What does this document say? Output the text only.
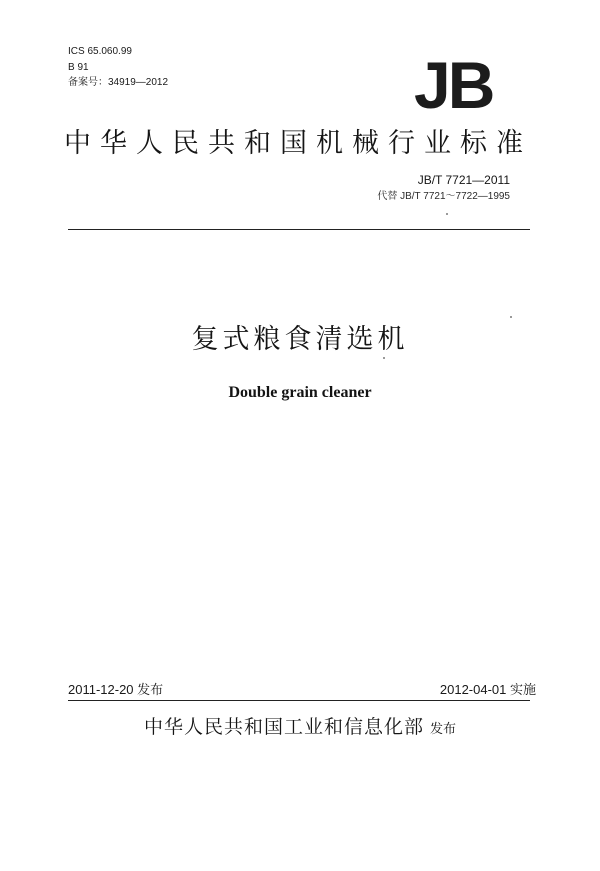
ICS 65.060.99
B 91
备案号：34919—2012	JB
中华人民共和国机械行业标准
JB/T 7721—2011
代替 JB/T 7721～7722—1995
复式粮食清选机
Double grain cleaner
2011-12-20 发布	2012-04-01 实施
中华人民共和国工业和信息化部 发布
